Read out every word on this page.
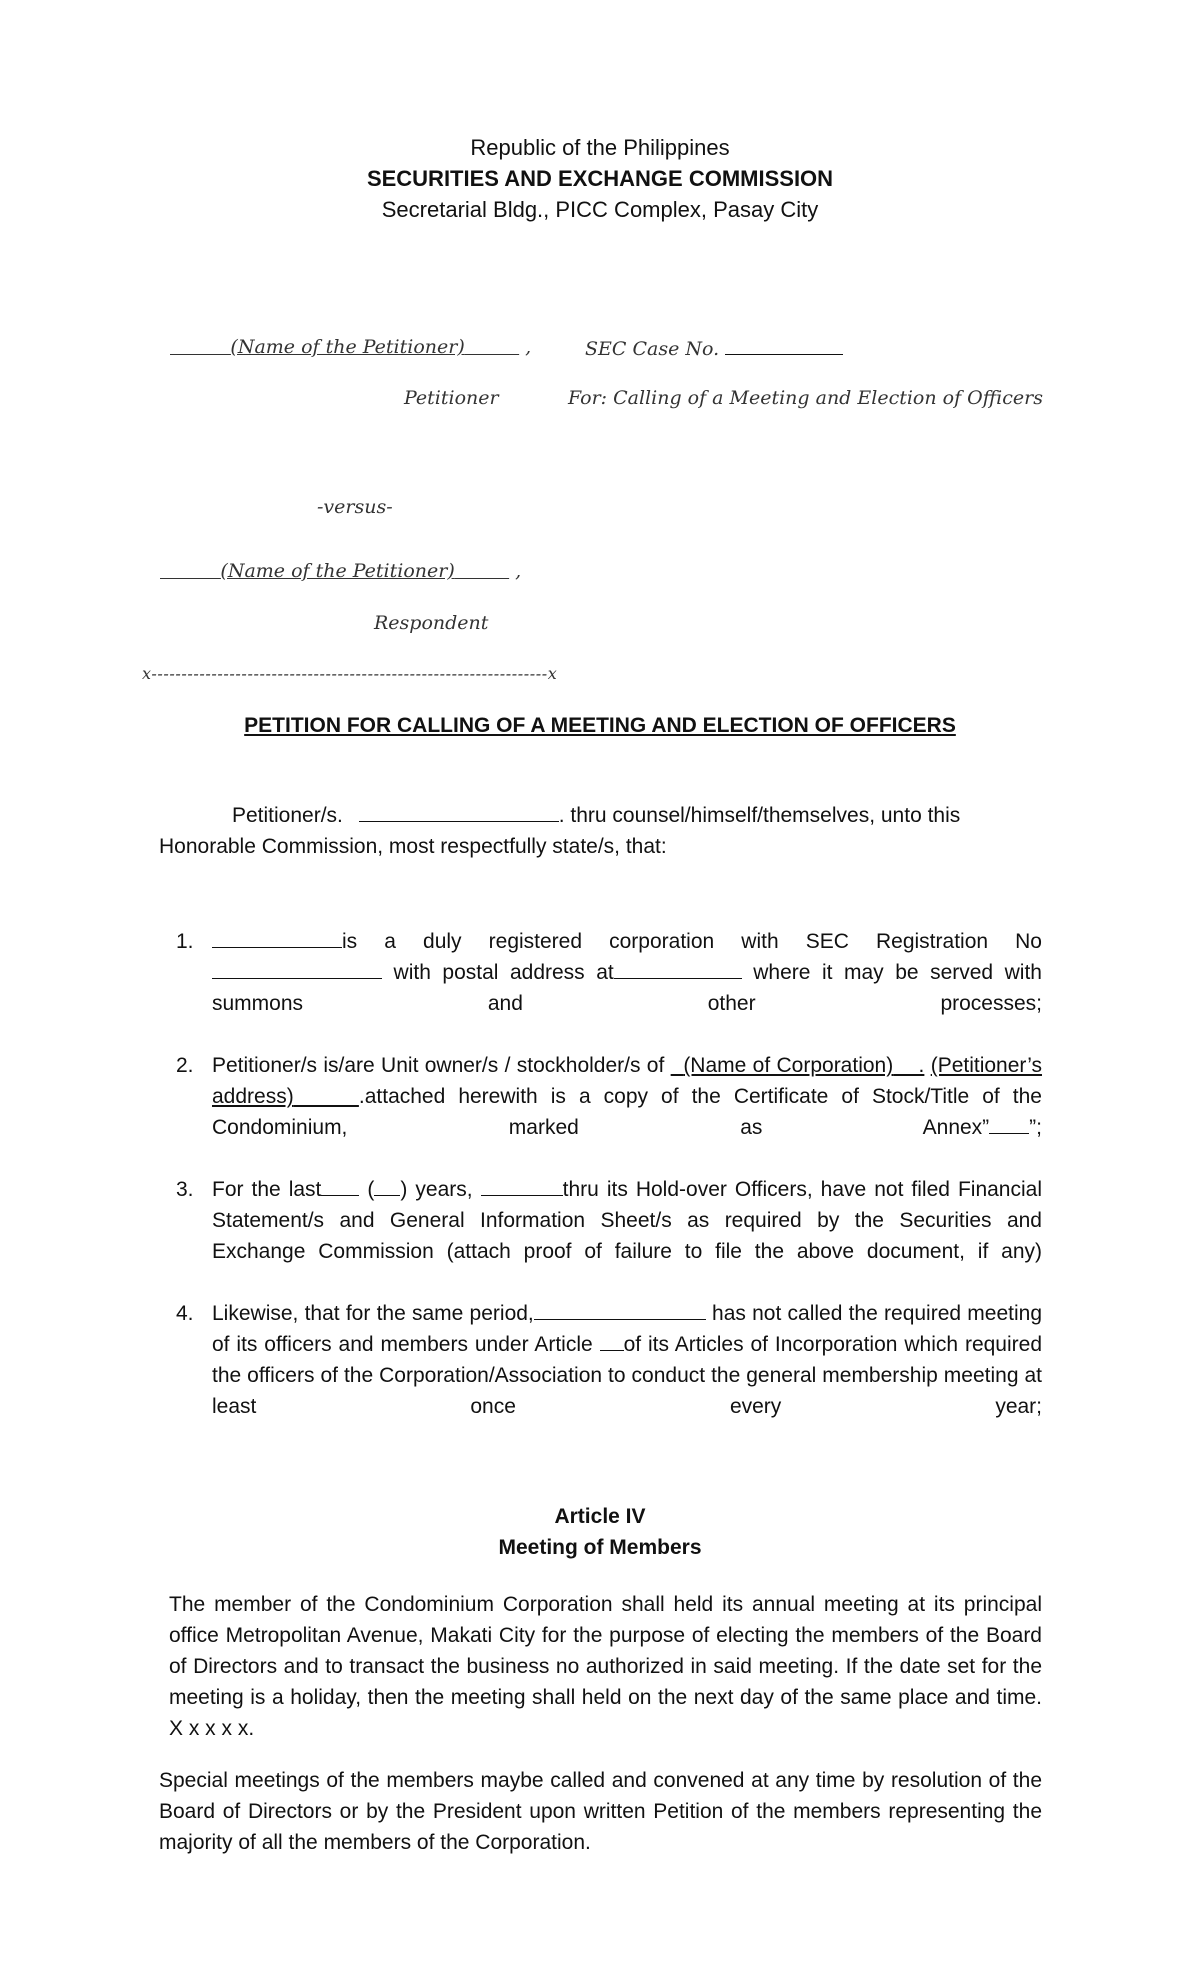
Republic of the Philippines
SECURITIES AND EXCHANGE COMMISSION
Secretarial Bldg., PICC Complex, Pasay City
(Name of the Petitioner)	,	SEC Case No.
Petitioner	For: Calling of a Meeting and Election of Officers
-versus-
(Name of the Petitioner)	,
Respondent
x------------------------------------------------------------------x
PETITION FOR CALLING OF A MEETING AND ELECTION OF OFFICERS
Petitioner/s.	. thru counsel/himself/themselves, unto this
Honorable Commission, most respectfully state/s, that:
1.	is a duly registered corporation with SEC Registration No  with postal address at	where it may be served with summons and other processes;
2. Petitioner/s is/are Unit owner/s / stockholder/s of (Name of Corporation)    . (Petitioner’s address)	.attached herewith is a copy of the Certificate of Stock/Title of the Condominium, marked as Annex” ”;
3. For the last ( ) years,	thru its Hold-over Officers, have not filed Financial Statement/s and General Information Sheet/s as required by the Securities and Exchange Commission (attach proof of failure to file the above document, if any)
4. Likewise, that for the same period,	has not called the required meeting of its officers and members under Article of its Articles of Incorporation which required the officers of the Corporation/Association to conduct the general membership meeting at least once every year;
Article IV
Meeting of Members
The member of the Condominium Corporation shall held its annual meeting at its principal office Metropolitan Avenue, Makati City for the purpose of electing the members of the Board of Directors and to transact the business no authorized in said meeting. If the date set for the meeting is a holiday, then the meeting shall held on the next day of the same place and time. X x x x x.
Special meetings of the members maybe called and convened at any time by resolution of the Board of Directors or by the President upon written Petition of the members representing the majority of all the members of the Corporation.
